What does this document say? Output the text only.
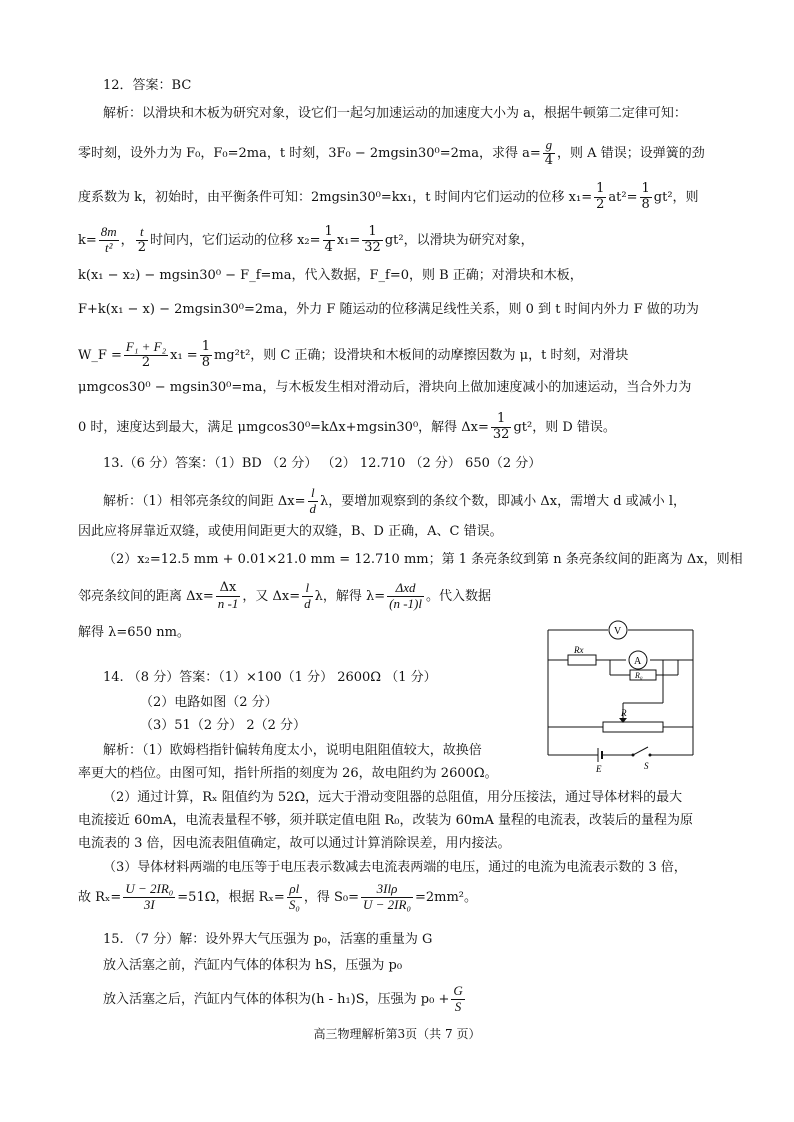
12．答案：BC
解析：以滑块和木板为研究对象，设它们一起匀加速运动的加速度大小为 a，根据牛顿第二定律可知：
零时刻，设外力为 F₀，F₀=2ma，t 时刻，3F₀ − 2mgsin30⁰=2ma，求得 $a= \frac{g}{4}$ ，则 A 错误；设弹簧的劲
度系数为 k，初始时，由平衡条件可知：2mgsin30⁰=kx₁，t 时间内它们运动的位移 $x_1= \frac{1}{2} at^2= \frac{1}{8} gt^2$，则
$k= \frac{8m}{\text{t²}}$ ， $\frac{t}{2}$ 时间内，它们运动的位移 $x_2= \frac{1}{4} x_1= \frac{1}{32} gt^2$，以滑块为研究对象，
k(x₁ − x₂) − mgsin30⁰ − F_f=ma，代入数据，F_f=0，则 B 正确；对滑块和木板，
F+k(x₁ − x) − 2mgsin30⁰=2ma，外力 F 随运动的位移满足线性关系，则 0 到 t 时间内外力 F 做的功为
W_F = $\frac{\text{F₁ + F₂}}{2} x_1 = \frac{1}{8} mg^2t^2$，则 C 正确；设滑块和木板间的动摩擦因数为 μ，t 时刻，对滑块
μmgcos30⁰ − mgsin30⁰=ma，与木板发生相对滑动后，滑块向上做加速度减小的加速运动，当合外力为
0 时，速度达到最大，满足 μmgcos30⁰=kΔx+mgsin30⁰，解得 $\Delta x= \frac{1}{32} gt^2$，则 D 错误。
13.（6 分）答案：（1）BD （2 分） （2） 12.710 （2 分） 650（2 分）
解析：（1）相邻亮条纹的间距 $\Delta x= \frac{l}{d}$ λ，要增加观察到的条纹个数，即减小 Δx，需增大 d 或减小 l，
因此应将屏靠近双缝，或使用间距更大的双缝，B、D 正确，A、C 错误。
（2）x₂=12.5 mm + 0.01×21.0 mm = 12.710 mm；第 1 条亮条纹到第 n 条亮条纹间的距离为 Δx，则相
邻亮条纹间的距离 $\Delta x= \frac{\Delta x}{n -1}$ ，又 $\Delta x= \frac{l}{d}$ λ，解得 λ=
Δxd
(n -1)l 。代入数据
解得 λ=650 nm。
14. （8 分）答案：（1）×100（1 分） 2600Ω （1 分）
（2）电路如图（2 分）
（3）51（2 分） 2（2 分）
解析：（1）欧姆档指针偏转角度太小，说明电阻阻值较大，故换倍
率更大的档位。由图可知，指针所指的刻度为 26，故电阻约为 2600Ω。
（2）通过计算，Rₓ 阻值约为 52Ω，远大于滑动变阻器的总阻值，用分压接法，通过导体材料的最大
电流接近 60mA，电流表量程不够，须并联定值电阻 R₀，改装为 60mA 量程的电流表，改装后的量程为原
电流表的 3 倍，因电流表阻值确定，故可以通过计算消除误差，用内接法。
（3）导体材料两端的电压等于电压表示数减去电流表两端的电压，通过的电流为电流表示数的 3 倍，
故 $R_x= \frac{\text{U − 2IR₀}}{3I} =51\Omega$，根据 $R_x= \frac{\rho l}{\text{S₀}}$ ，得 S₀=
3Ilρ
U − 2IR₀ =2mm²。
V
A
Rx
R₀
R
E	S
15. （7 分）解：设外界大气压强为 p₀，活塞的重量为 G
放入活塞之前，汽缸内气体的体积为 hS，压强为 p₀
放入活塞之后，汽缸内气体的体积为(h - h₁)S，压强为 $p_0 + \frac{G}{S}$
高三物理解析第3页（共 7 页）
